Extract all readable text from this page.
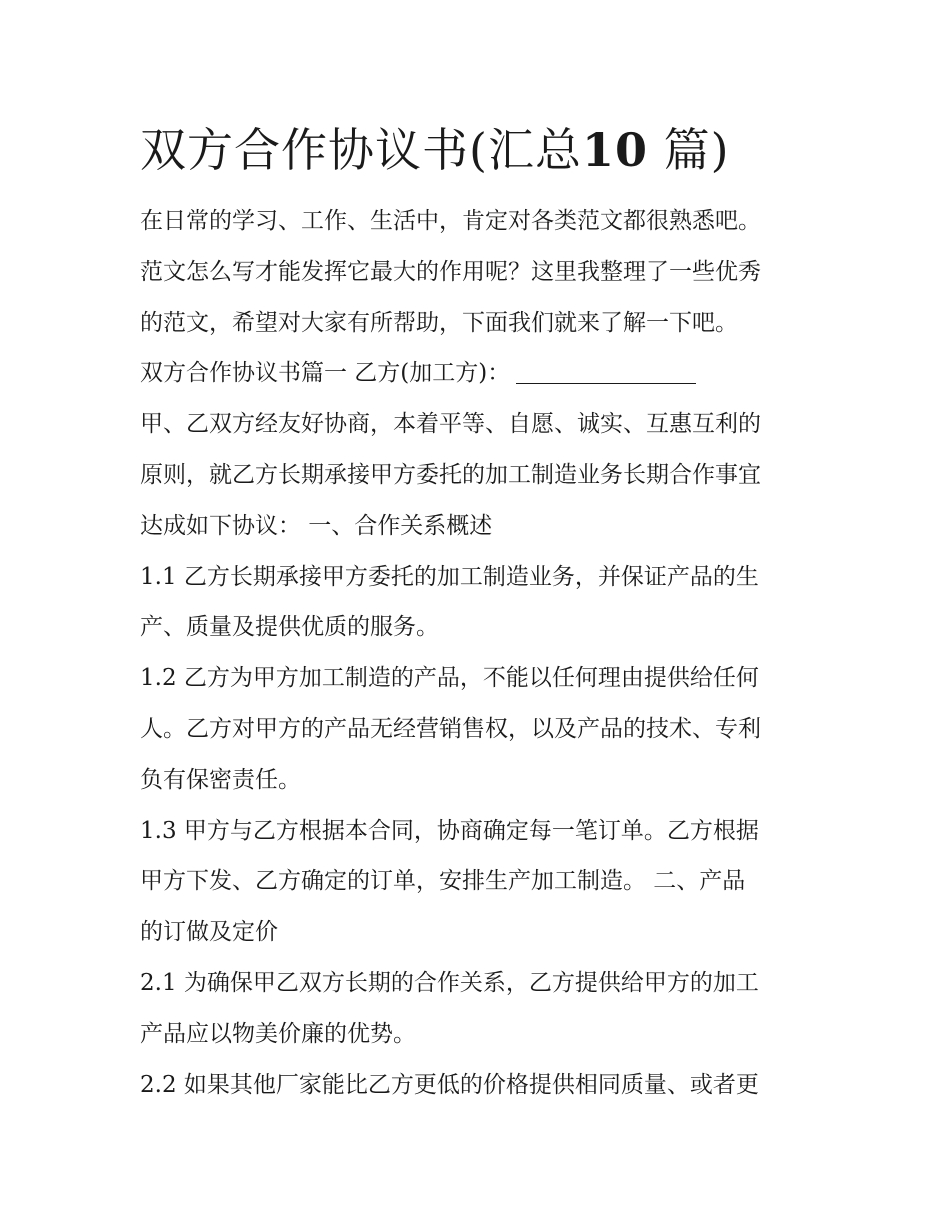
双方合作协议书(汇总10 篇)
在日常的学习、工作、生活中，肯定对各类范文都很熟悉吧。
范文怎么写才能发挥它最大的作用呢？这里我整理了一些优秀
的范文，希望对大家有所帮助，下面我们就来了解一下吧。
双方合作协议书篇一 乙方(加工方)：
甲、乙双方经友好协商，本着平等、自愿、诚实、互惠互利的
原则，就乙方长期承接甲方委托的加工制造业务长期合作事宜
达成如下协议： 一、合作关系概述
1.1 乙方长期承接甲方委托的加工制造业务，并保证产品的生
产、质量及提供优质的服务。
1.2 乙方为甲方加工制造的产品，不能以任何理由提供给任何
人。乙方对甲方的产品无经营销售权，以及产品的技术、专利
负有保密责任。
1.3 甲方与乙方根据本合同，协商确定每一笔订单。乙方根据
甲方下发、乙方确定的订单，安排生产加工制造。 二、产品
的订做及定价
2.1 为确保甲乙双方长期的合作关系，乙方提供给甲方的加工
产品应以物美价廉的优势。
2.2 如果其他厂家能比乙方更低的价格提供相同质量、或者更
